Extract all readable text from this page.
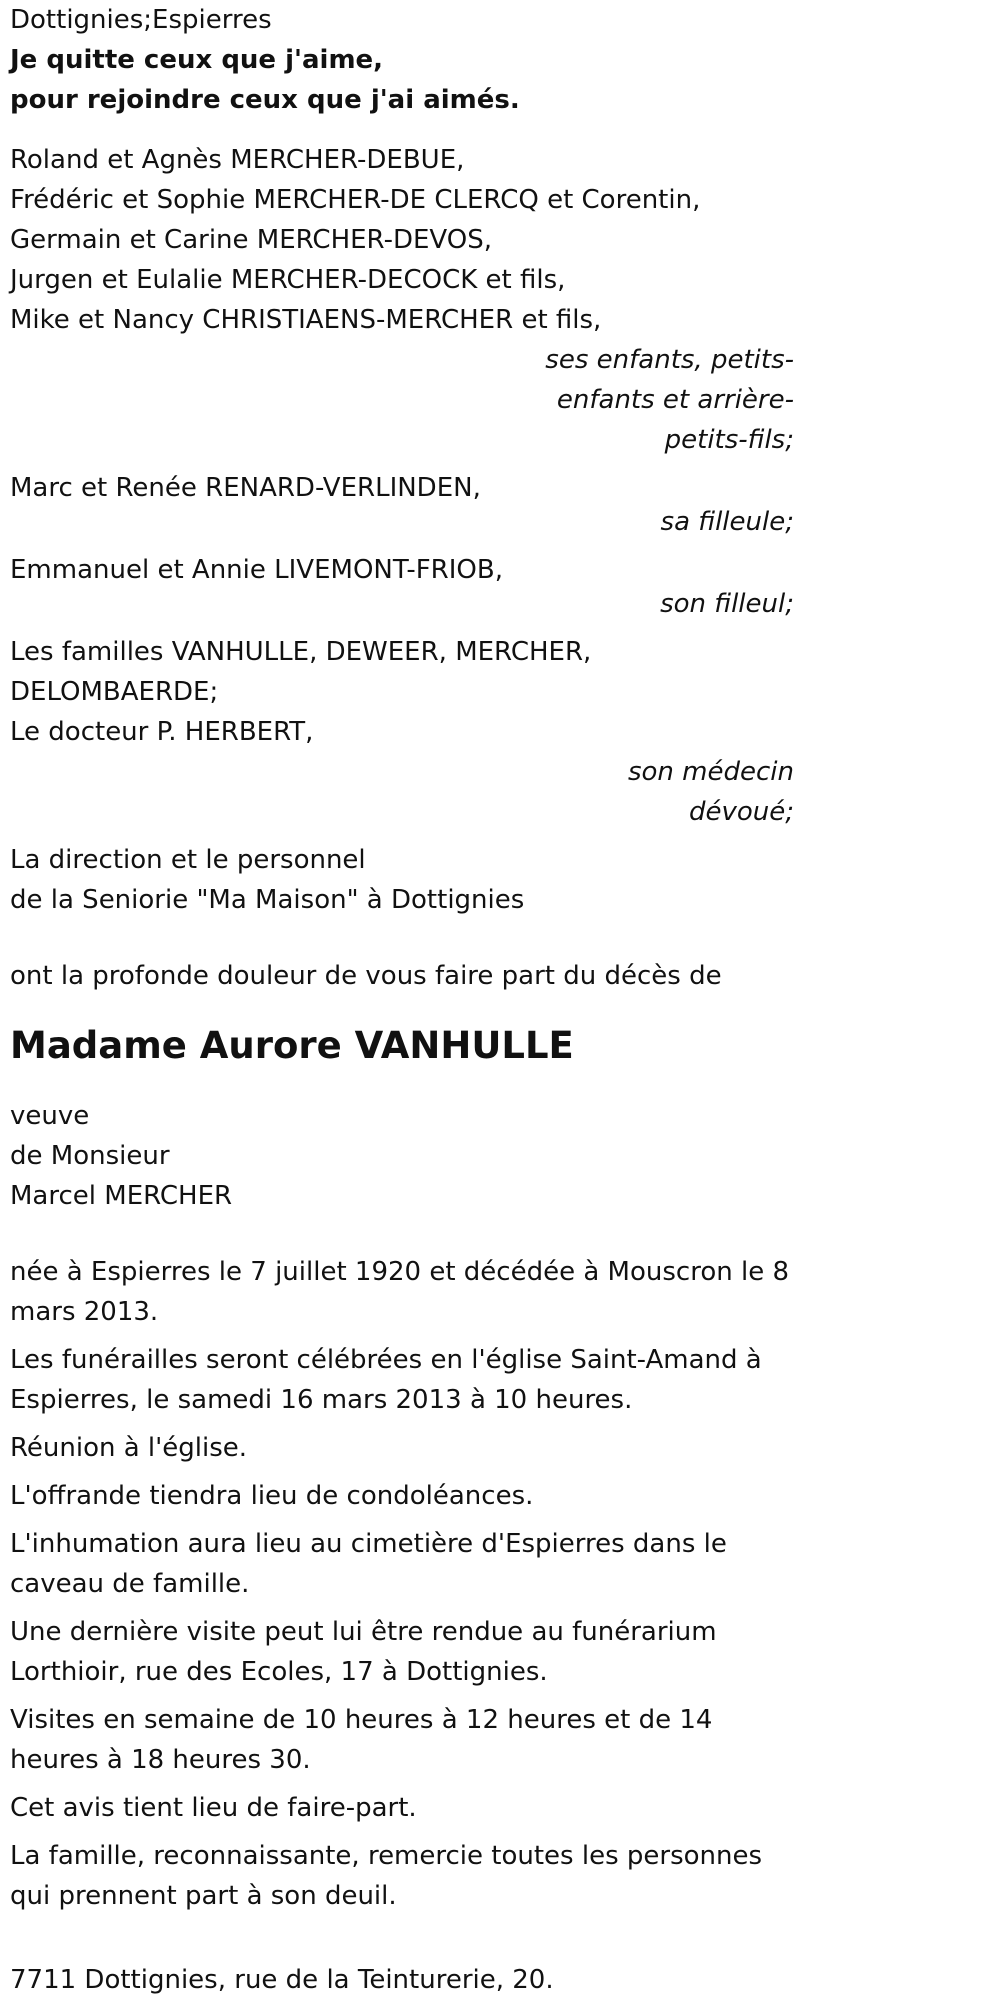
Dottignies;Espierres

Je quitte ceux que j'aime,

pour rejoindre ceux que j'ai aimés.

Roland et Agnès MERCHER-DEBUE,

Frédéric et Sophie MERCHER-DE CLERCQ et Corentin,

Germain et Carine MERCHER-DEVOS,

Jurgen et Eulalie MERCHER-DECOCK et fils,

Mike et Nancy CHRISTIAENS-MERCHER et fils,

ses enfants, petits-

enfants et arrière-

petits-fils;

Marc et Renée RENARD-VERLINDEN,

sa filleule;

Emmanuel et Annie LIVEMONT-FRIOB,

son filleul;

Les familles VANHULLE, DEWEER, MERCHER,

DELOMBAERDE;

Le docteur P. HERBERT,

son médecin

dévoué;

La direction et le personnel

de la Seniorie "Ma Maison" à Dottignies

ont la profonde douleur de vous faire part du décès de

Madame Aurore VANHULLE

veuve

de Monsieur

Marcel MERCHER

née à Espierres le 7 juillet 1920 et décédée à Mouscron le 8 mars 2013.

Les funérailles seront célébrées en l'église Saint-Amand à Espierres, le samedi 16 mars 2013 à 10 heures.

Réunion à l'église.

L'offrande tiendra lieu de condoléances.

L'inhumation aura lieu au cimetière d'Espierres dans le caveau de famille.

Une dernière visite peut lui être rendue au funérarium Lorthioir, rue des Ecoles, 17 à Dottignies.

Visites en semaine de 10 heures à 12 heures et de 14 heures à 18 heures 30.

Cet avis tient lieu de faire-part.

La famille, reconnaissante, remercie toutes les personnes qui prennent part à son deuil.

7711 Dottignies, rue de la Teinturerie, 20.
